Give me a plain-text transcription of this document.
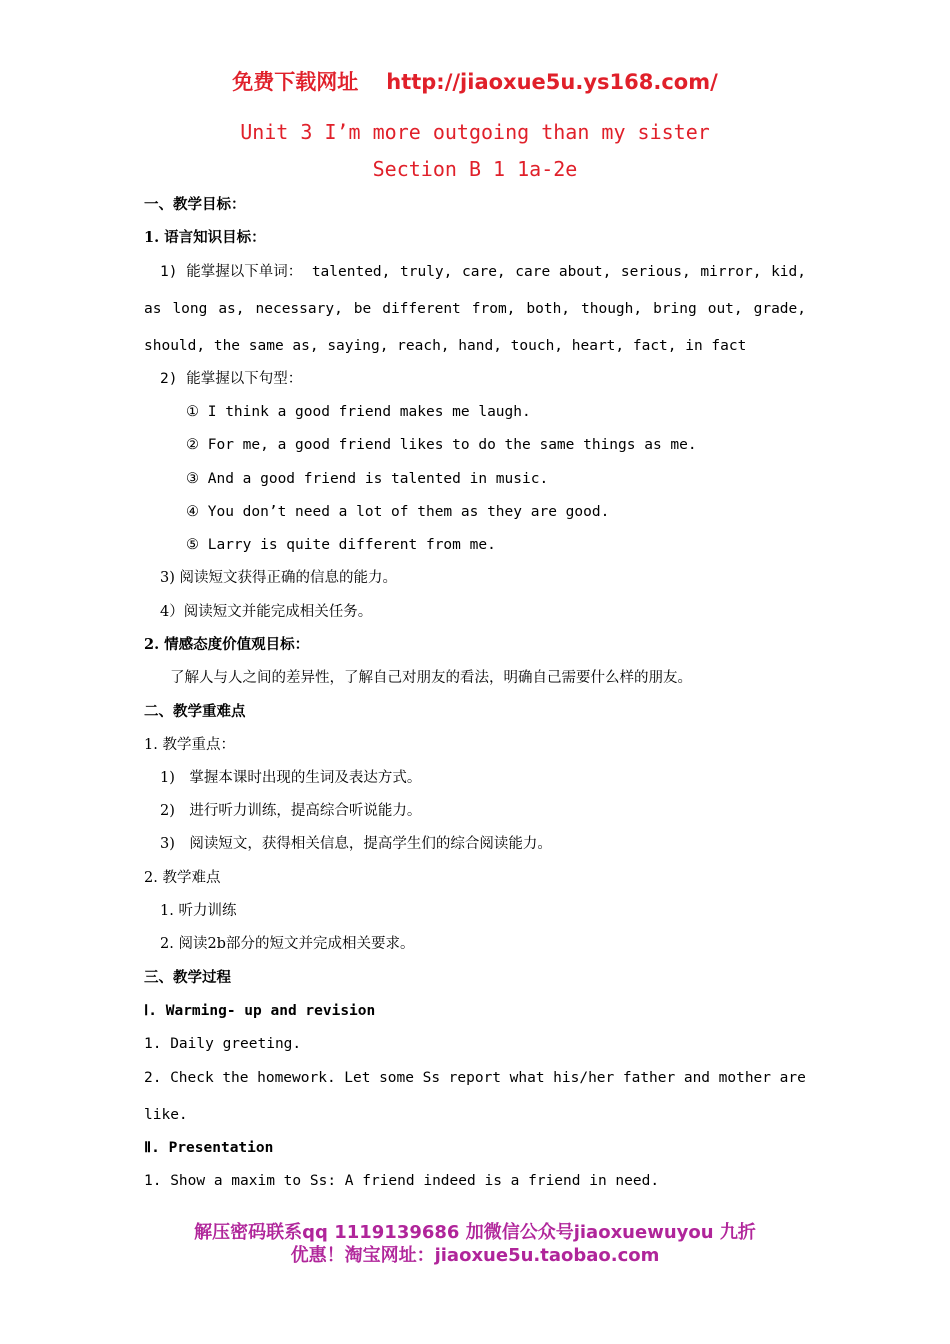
免费下载网址 http://jiaoxue5u.ys168.com/
Unit 3 I’m more outgoing than my sister
Section B 1 1a-2e
一、教学目标：
1. 语言知识目标：
1) 能掌握以下单词： talented, truly, care, care about, serious, mirror, kid,
as long as, necessary, be different from, both, though, bring out, grade,
should, the same as, saying, reach, hand, touch, heart, fact, in fact
2) 能掌握以下句型：
① I think a good friend makes me laugh.
② For me, a good friend likes to do the same things as me.
③ And a good friend is talented in music.
④ You don’t need a lot of them as they are good.
⑤ Larry is quite different from me.
3) 阅读短文获得正确的信息的能力。
4）阅读短文并能完成相关任务。
2. 情感态度价值观目标：
了解人与人之间的差异性，了解自己对朋友的看法，明确自己需要什么样的朋友。
二、教学重难点
1. 教学重点：
1)　掌握本课时出现的生词及表达方式。
2)　进行听力训练，提高综合听说能力。
3)　阅读短文，获得相关信息，提高学生们的综合阅读能力。
2. 教学难点
1. 听力训练
2. 阅读2b部分的短文并完成相关要求。
三、教学过程
Ⅰ. Warming- up and revision
1. Daily greeting.
2. Check the homework. Let some Ss report what his/her father and mother are
like.
Ⅱ. Presentation
1. Show a maxim to Ss: A friend indeed is a friend in need.
解压密码联系qq 1119139686 加微信公众号jiaoxuewuyou 九折
优惠！淘宝网址：jiaoxue5u.taobao.com
